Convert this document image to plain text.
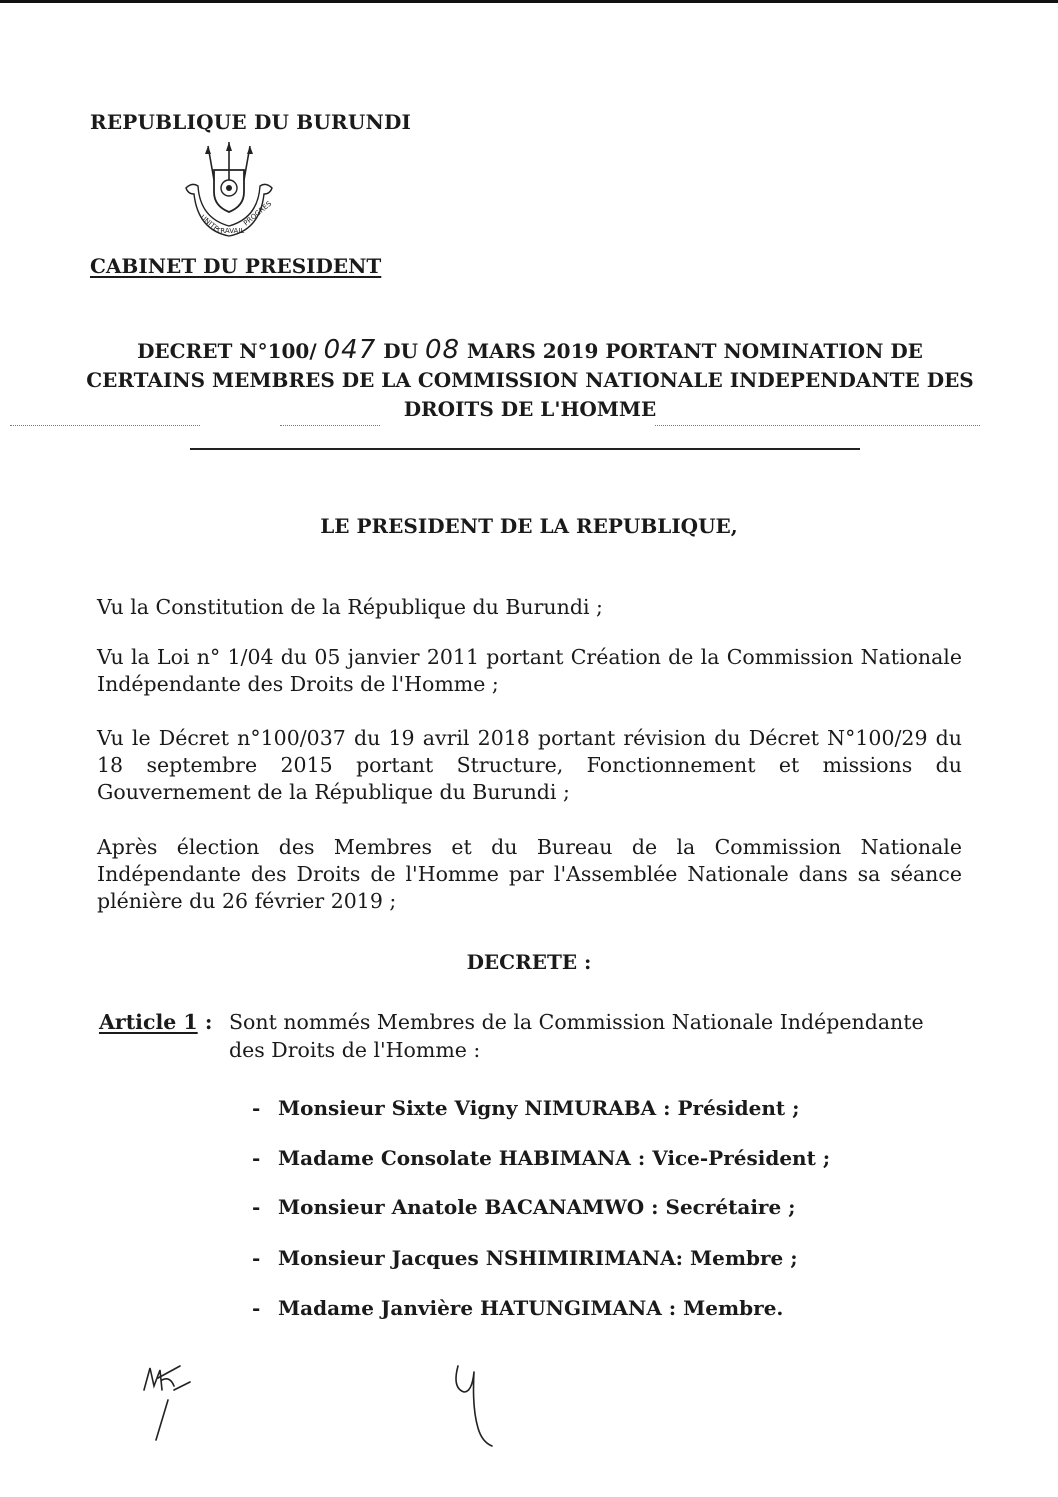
REPUBLIQUE DU BURUNDI
UNITE
TRAVAIL
PROGRES
CABINET DU PRESIDENT
DECRET N°100/ 047 DU 08 MARS 2019 PORTANT NOMINATION DE
CERTAINS MEMBRES DE LA COMMISSION NATIONALE INDEPENDANTE DES
DROITS DE L'HOMME
LE PRESIDENT DE LA REPUBLIQUE,
Vu la Constitution de la République du Burundi ;
Vu la Loi n° 1/04 du 05 janvier 2011 portant Création de la Commission Nationale Indépendante des Droits de l'Homme ;
Vu le Décret n°100/037 du 19 avril 2018 portant révision du Décret N°100/29 du 18 septembre 2015 portant Structure, Fonctionnement et missions du Gouvernement de la République du Burundi ;
Après élection des Membres et du Bureau de la Commission Nationale Indépendante des Droits de l'Homme par l'Assemblée Nationale dans sa séance plénière du 26 février 2019 ;
DECRETE :
Article 1 : Sont nommés Membres de la Commission Nationale Indépendante des Droits de l'Homme :
- Monsieur Sixte Vigny NIMURABA : Président ;
- Madame Consolate HABIMANA : Vice-Président ;
- Monsieur Anatole BACANAMWO : Secrétaire ;
- Monsieur Jacques NSHIMIRIMANA: Membre ;
- Madame Janvière HATUNGIMANA : Membre.
